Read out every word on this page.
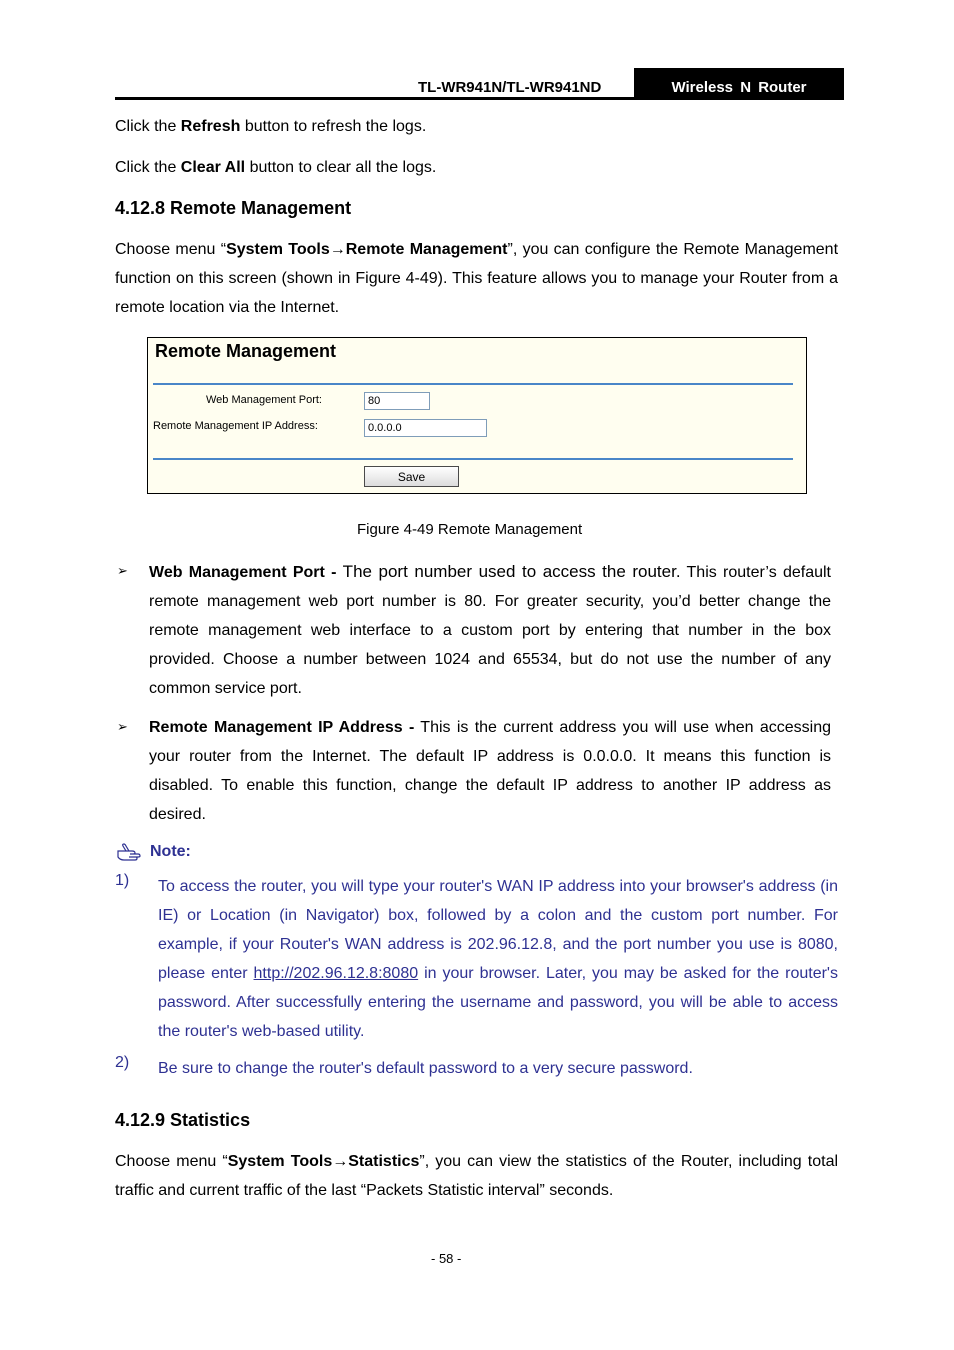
TL-WR941N/TL-WR941ND	Wireless N Router
Click the Refresh button to refresh the logs.
Click the Clear All button to clear all the logs.
4.12.8 Remote Management
Choose menu “System Tools→Remote Management”, you can configure the Remote Management function on this screen (shown in Figure 4-49). This feature allows you to manage your Router from a remote location via the Internet.
Remote Management
Web Management Port:	80
Remote Management IP Address:	0.0.0.0
Save
Figure 4-49 Remote Management
➢ Web Management Port - The port number used to access the router. This router’s default remote management web port number is 80. For greater security, you’d better change the remote management web interface to a custom port by entering that number in the box provided. Choose a number between 1024 and 65534, but do not use the number of any common service port.
➢ Remote Management IP Address - This is the current address you will use when accessing your router from the Internet. The default IP address is 0.0.0.0. It means this function is disabled. To enable this function, change the default IP address to another IP address as desired.
Note:
1) To access the router, you will type your router's WAN IP address into your browser's address (in IE) or Location (in Navigator) box, followed by a colon and the custom port number. For example, if your Router's WAN address is 202.96.12.8, and the port number you use is 8080, please enter http://202.96.12.8:8080 in your browser. Later, you may be asked for the router's password. After successfully entering the username and password, you will be able to access the router's web-based utility.
2) Be sure to change the router's default password to a very secure password.
4.12.9 Statistics
Choose menu “System Tools→Statistics”, you can view the statistics of the Router, including total traffic and current traffic of the last “Packets Statistic interval” seconds.
- 58 -
